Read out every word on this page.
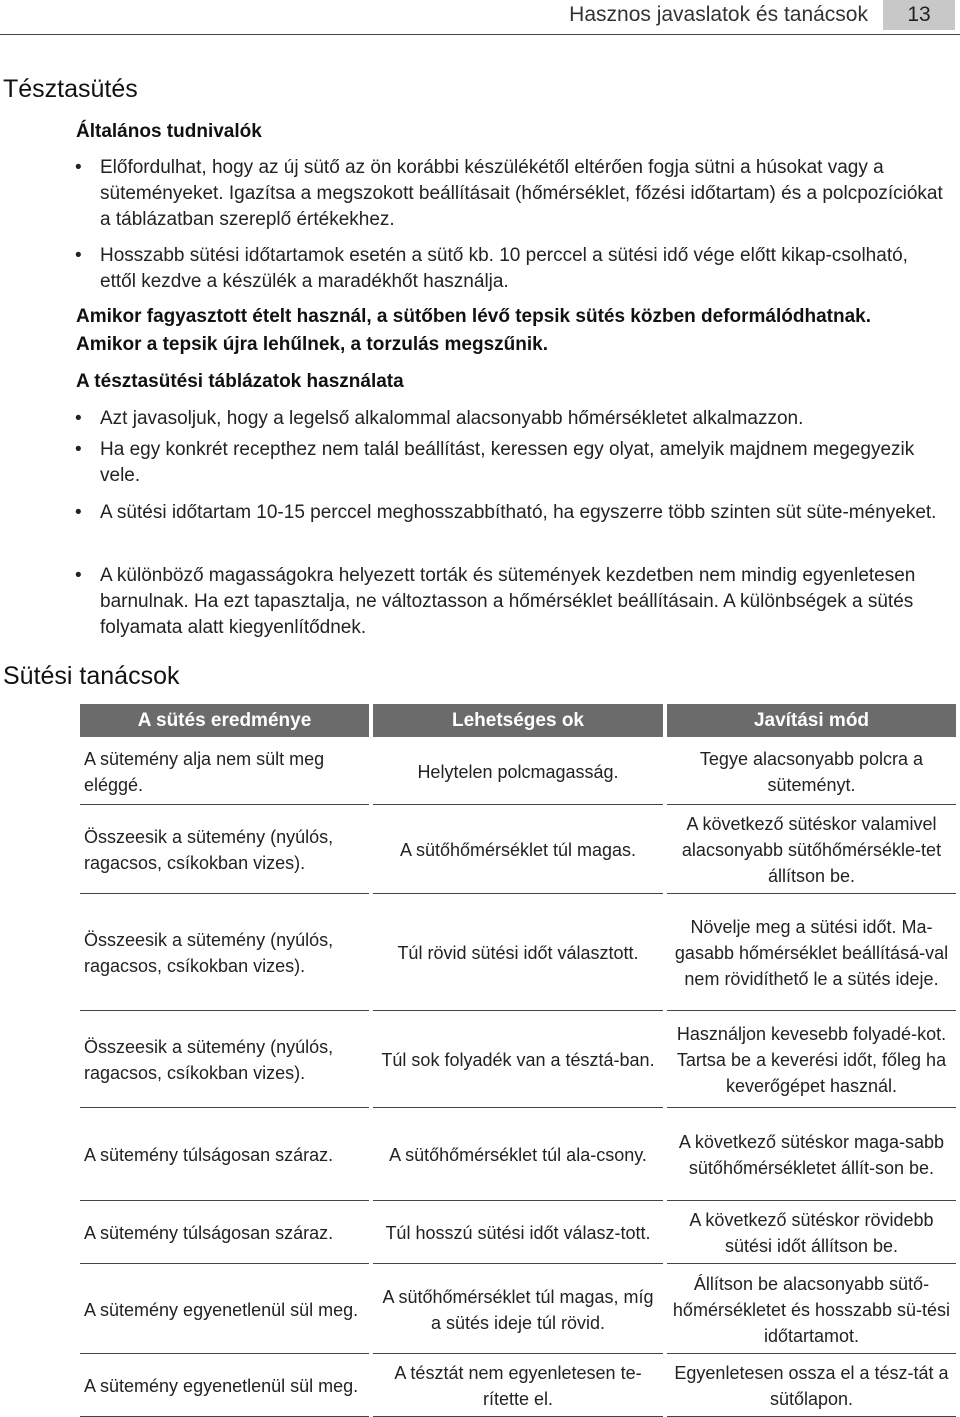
Hasznos javaslatok és tanácsok	13
Tésztasütés
Általános tudnivalók
• Előfordulhat, hogy az új sütő az ön korábbi készülékétől eltérően fogja sütni a húsokat vagy a süteményeket. Igazítsa a megszokott beállításait (hőmérséklet, főzési időtartam) és a polcpozíciókat a táblázatban szereplő értékekhez.
• Hosszabb sütési időtartamok esetén a sütő kb. 10 perccel a sütési idő vége előtt kikap-csolható, ettől kezdve a készülék a maradékhőt használja.
Amikor fagyasztott ételt használ, a sütőben lévő tepsik sütés közben deformálódhatnak.
Amikor a tepsik újra lehűlnek, a torzulás megszűnik.
A tésztasütési táblázatok használata
• Azt javasoljuk, hogy a legelső alkalommal alacsonyabb hőmérsékletet alkalmazzon.
• Ha egy konkrét recepthez nem talál beállítást, keressen egy olyat, amelyik majdnem megegyezik vele.
• A sütési időtartam 10-15 perccel meghosszabbítható, ha egyszerre több szinten süt süte-ményeket.
• A különböző magasságokra helyezett torták és sütemények kezdetben nem mindig egyenletesen barnulnak. Ha ezt tapasztalja, ne változtasson a hőmérséklet beállításain. A különbségek a sütés folyamata alatt kiegyenlítődnek.
Sütési tanácsok
A sütés eredménye	Lehetséges ok	Javítási mód
A sütemény alja nem sült meg eléggé.	Helytelen polcmagasság.	Tegye alacsonyabb polcra a süteményt.
Összeesik a sütemény (nyúlós, ragacsos, csíkokban vizes).	A sütőhőmérséklet túl magas.	A következő sütéskor valamivel alacsonyabb sütőhőmérsékle-tet állítson be.
Összeesik a sütemény (nyúlós, ragacsos, csíkokban vizes).	Túl rövid sütési időt választott.	Növelje meg a sütési időt. Ma-gasabb hőmérséklet beállításá-val nem rövidíthető le a sütés ideje.
Összeesik a sütemény (nyúlós, ragacsos, csíkokban vizes).	Túl sok folyadék van a tésztá-ban.	Használjon kevesebb folyadé-kot. Tartsa be a keverési időt, főleg ha keverőgépet használ.
A sütemény túlságosan száraz.	A sütőhőmérséklet túl ala-csony.	A következő sütéskor maga-sabb sütőhőmérsékletet állít-son be.
A sütemény túlságosan száraz.	Túl hosszú sütési időt válasz-tott.	A következő sütéskor rövidebb sütési időt állítson be.
A sütemény egyenetlenül sül meg.	A sütőhőmérséklet túl magas, míg a sütés ideje túl rövid.	Állítson be alacsonyabb sütő-hőmérsékletet és hosszabb sü-tési időtartamot.
A sütemény egyenetlenül sül meg.	A tésztát nem egyenletesen te-rítette el.	Egyenletesen ossza el a tész-tát a sütőlapon.
